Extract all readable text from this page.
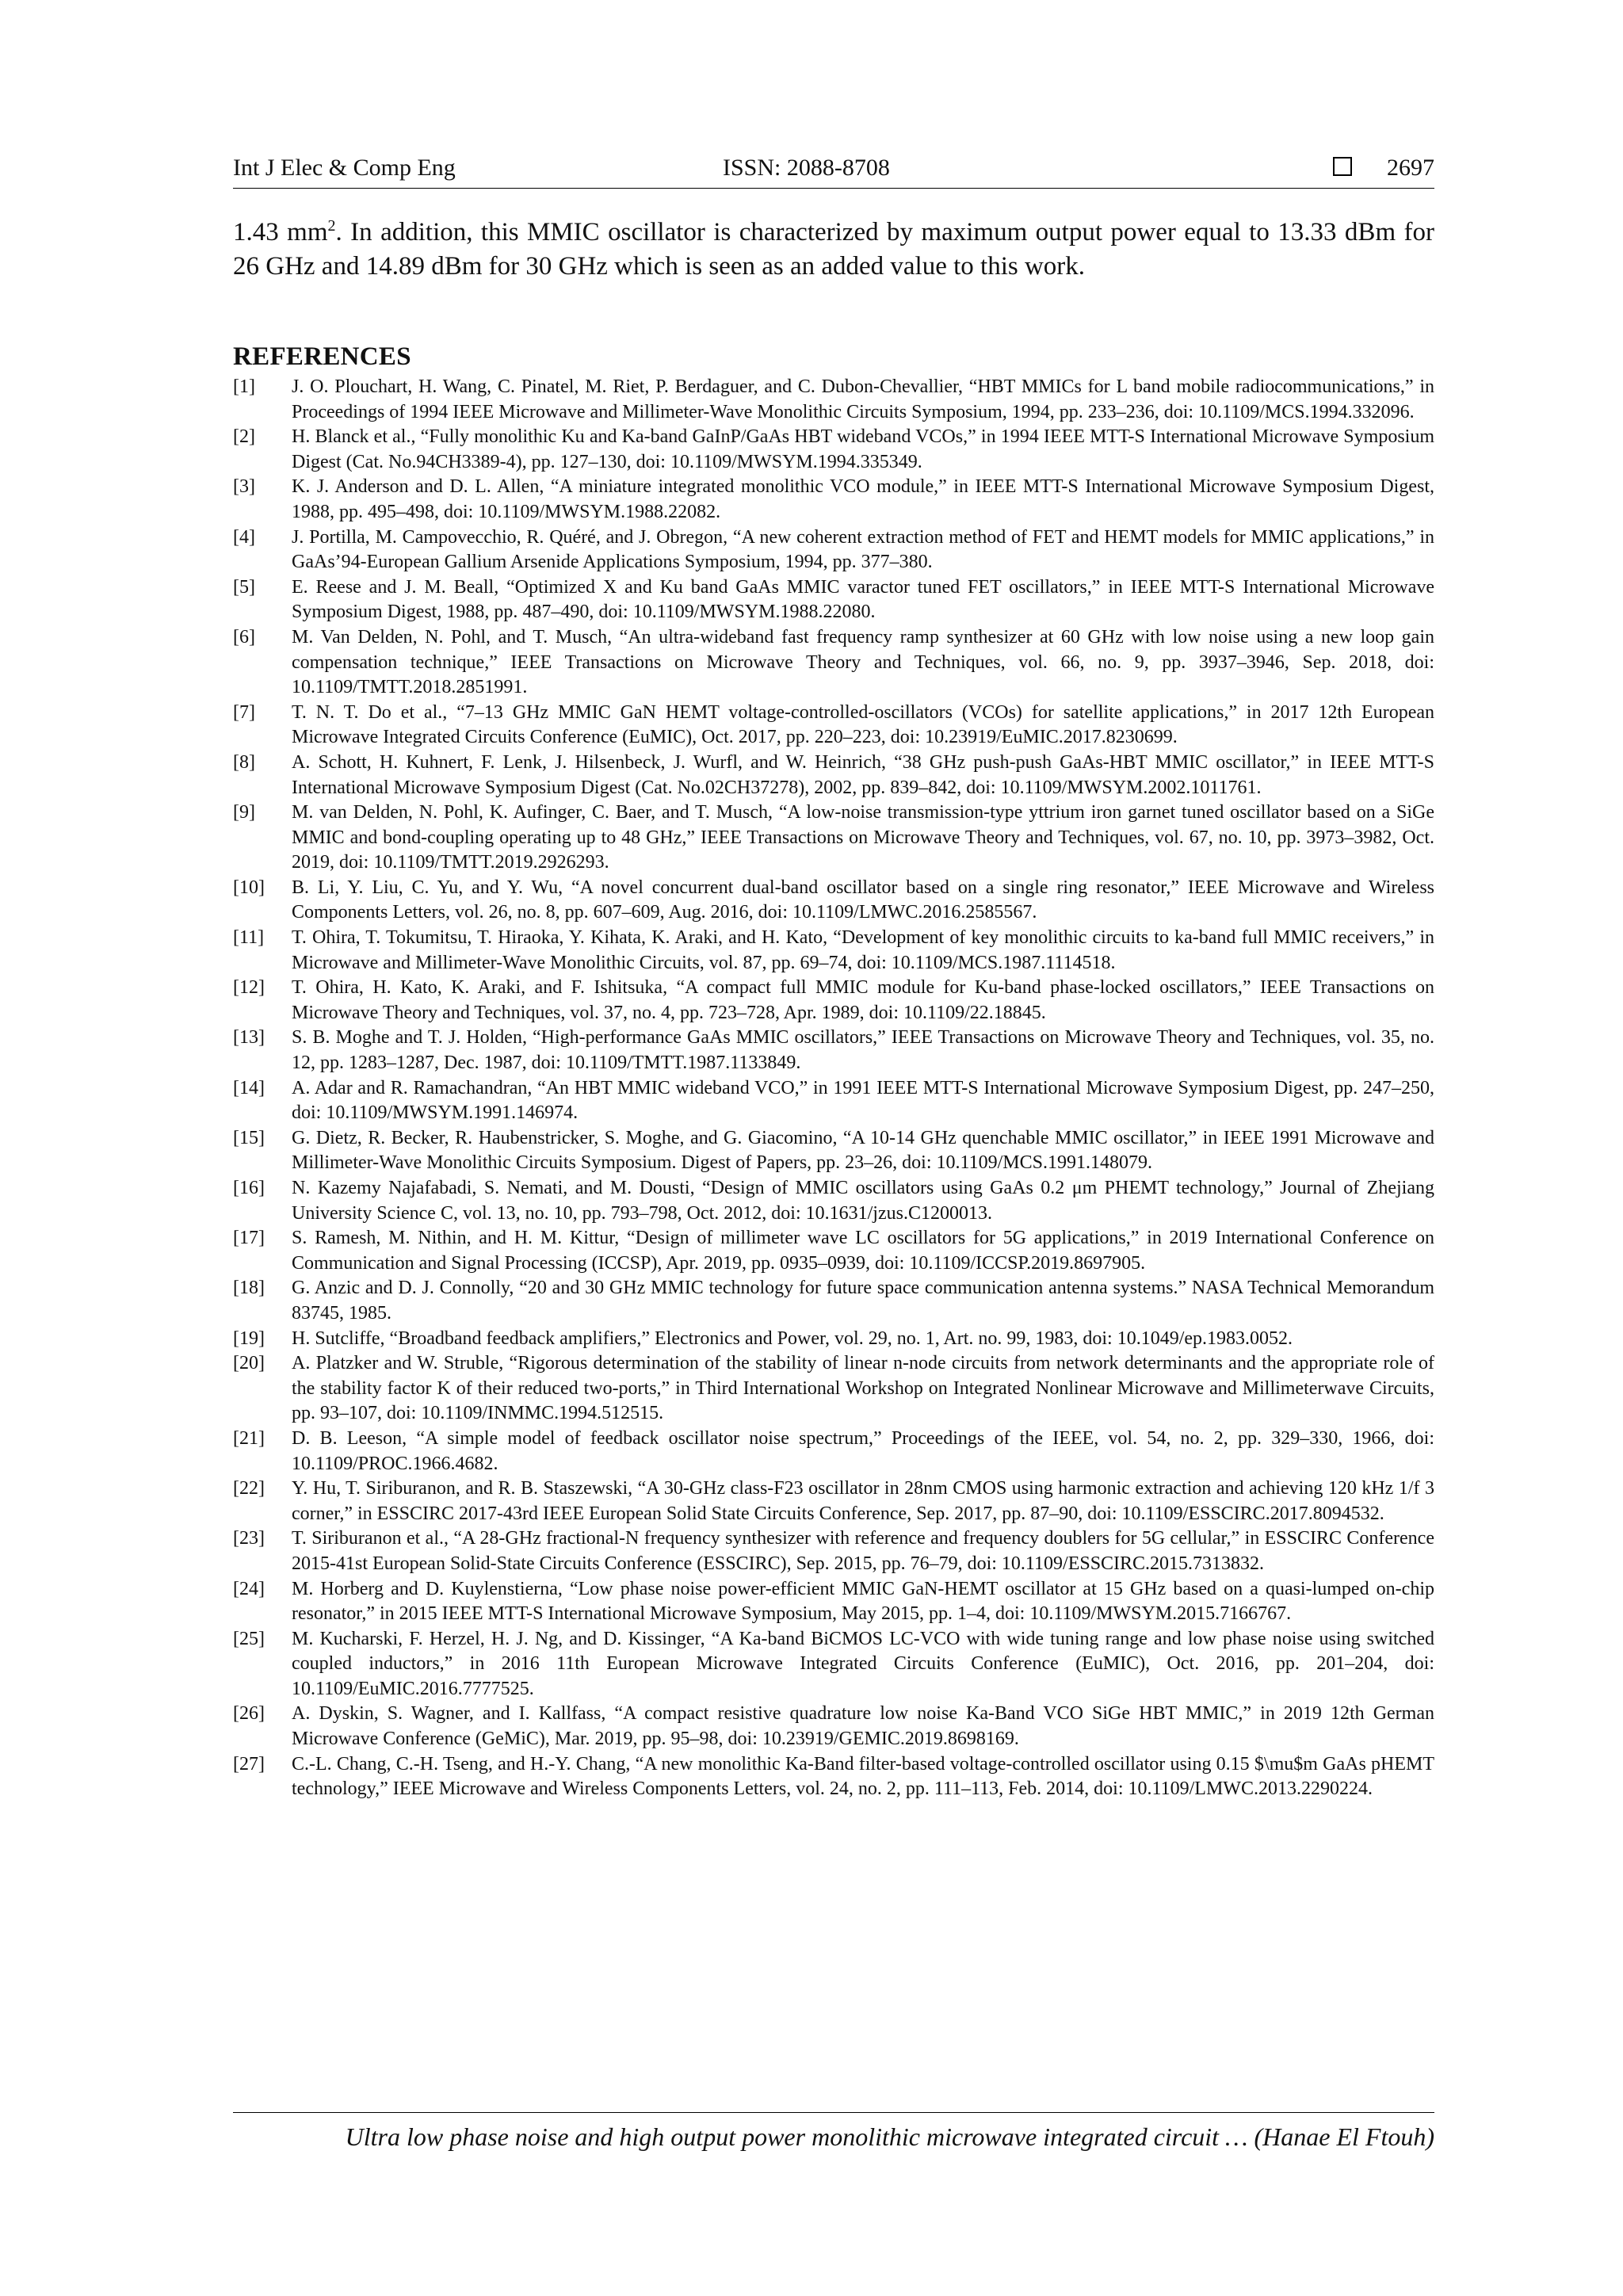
Int J Elec & Comp Eng	ISSN: 2088-8708	2697
1.43 $mm^2$. In addition, this MMIC oscillator is characterized by maximum output power equal to 13.33 dBm for 26 GHz and 14.89 dBm for 30 GHz which is seen as an added value to this work.
REFERENCES
[1] J. O. Plouchart, H. Wang, C. Pinatel, M. Riet, P. Berdaguer, and C. Dubon-Chevallier, “HBT MMICs for L band mobile radiocommunications,” in Proceedings of 1994 IEEE Microwave and Millimeter-Wave Monolithic Circuits Symposium, 1994, pp. 233–236, doi: 10.1109/MCS.1994.332096.
[2] H. Blanck et al., “Fully monolithic Ku and Ka-band GaInP/GaAs HBT wideband VCOs,” in 1994 IEEE MTT-S International Microwave Symposium Digest (Cat. No.94CH3389-4), pp. 127–130, doi: 10.1109/MWSYM.1994.335349.
[3] K. J. Anderson and D. L. Allen, “A miniature integrated monolithic VCO module,” in IEEE MTT-S International Microwave Symposium Digest, 1988, pp. 495–498, doi: 10.1109/MWSYM.1988.22082.
[4] J. Portilla, M. Campovecchio, R. Quéré, and J. Obregon, “A new coherent extraction method of FET and HEMT models for MMIC applications,” in GaAs’94-European Gallium Arsenide Applications Symposium, 1994, pp. 377–380.
[5] E. Reese and J. M. Beall, “Optimized X and Ku band GaAs MMIC varactor tuned FET oscillators,” in IEEE MTT-S International Microwave Symposium Digest, 1988, pp. 487–490, doi: 10.1109/MWSYM.1988.22080.
[6] M. Van Delden, N. Pohl, and T. Musch, “An ultra-wideband fast frequency ramp synthesizer at 60 GHz with low noise using a new loop gain compensation technique,” IEEE Transactions on Microwave Theory and Techniques, vol. 66, no. 9, pp. 3937–3946, Sep. 2018, doi: 10.1109/TMTT.2018.2851991.
[7] T. N. T. Do et al., “7–13 GHz MMIC GaN HEMT voltage-controlled-oscillators (VCOs) for satellite applications,” in 2017 12th European Microwave Integrated Circuits Conference (EuMIC), Oct. 2017, pp. 220–223, doi: 10.23919/EuMIC.2017.8230699.
[8] A. Schott, H. Kuhnert, F. Lenk, J. Hilsenbeck, J. Wurfl, and W. Heinrich, “38 GHz push-push GaAs-HBT MMIC oscillator,” in IEEE MTT-S International Microwave Symposium Digest (Cat. No.02CH37278), 2002, pp. 839–842, doi: 10.1109/MWSYM.2002.1011761.
[9] M. van Delden, N. Pohl, K. Aufinger, C. Baer, and T. Musch, “A low-noise transmission-type yttrium iron garnet tuned oscillator based on a SiGe MMIC and bond-coupling operating up to 48 GHz,” IEEE Transactions on Microwave Theory and Techniques, vol. 67, no. 10, pp. 3973–3982, Oct. 2019, doi: 10.1109/TMTT.2019.2926293.
[10] B. Li, Y. Liu, C. Yu, and Y. Wu, “A novel concurrent dual-band oscillator based on a single ring resonator,” IEEE Microwave and Wireless Components Letters, vol. 26, no. 8, pp. 607–609, Aug. 2016, doi: 10.1109/LMWC.2016.2585567.
[11] T. Ohira, T. Tokumitsu, T. Hiraoka, Y. Kihata, K. Araki, and H. Kato, “Development of key monolithic circuits to ka-band full MMIC receivers,” in Microwave and Millimeter-Wave Monolithic Circuits, vol. 87, pp. 69–74, doi: 10.1109/MCS.1987.1114518.
[12] T. Ohira, H. Kato, K. Araki, and F. Ishitsuka, “A compact full MMIC module for Ku-band phase-locked oscillators,” IEEE Transactions on Microwave Theory and Techniques, vol. 37, no. 4, pp. 723–728, Apr. 1989, doi: 10.1109/22.18845.
[13] S. B. Moghe and T. J. Holden, “High-performance GaAs MMIC oscillators,” IEEE Transactions on Microwave Theory and Techniques, vol. 35, no. 12, pp. 1283–1287, Dec. 1987, doi: 10.1109/TMTT.1987.1133849.
[14] A. Adar and R. Ramachandran, “An HBT MMIC wideband VCO,” in 1991 IEEE MTT-S International Microwave Symposium Digest, pp. 247–250, doi: 10.1109/MWSYM.1991.146974.
[15] G. Dietz, R. Becker, R. Haubenstricker, S. Moghe, and G. Giacomino, “A 10-14 GHz quenchable MMIC oscillator,” in IEEE 1991 Microwave and Millimeter-Wave Monolithic Circuits Symposium. Digest of Papers, pp. 23–26, doi: 10.1109/MCS.1991.148079.
[16] N. Kazemy Najafabadi, S. Nemati, and M. Dousti, “Design of MMIC oscillators using GaAs 0.2 μm PHEMT technology,” Journal of Zhejiang University Science C, vol. 13, no. 10, pp. 793–798, Oct. 2012, doi: 10.1631/jzus.C1200013.
[17] S. Ramesh, M. Nithin, and H. M. Kittur, “Design of millimeter wave LC oscillators for 5G applications,” in 2019 International Conference on Communication and Signal Processing (ICCSP), Apr. 2019, pp. 0935–0939, doi: 10.1109/ICCSP.2019.8697905.
[18] G. Anzic and D. J. Connolly, “20 and 30 GHz MMIC technology for future space communication antenna systems.” NASA Technical Memorandum 83745, 1985.
[19] H. Sutcliffe, “Broadband feedback amplifiers,” Electronics and Power, vol. 29, no. 1, Art. no. 99, 1983, doi: 10.1049/ep.1983.0052.
[20] A. Platzker and W. Struble, “Rigorous determination of the stability of linear n-node circuits from network determinants and the appropriate role of the stability factor K of their reduced two-ports,” in Third International Workshop on Integrated Nonlinear Microwave and Millimeterwave Circuits, pp. 93–107, doi: 10.1109/INMMC.1994.512515.
[21] D. B. Leeson, “A simple model of feedback oscillator noise spectrum,” Proceedings of the IEEE, vol. 54, no. 2, pp. 329–330, 1966, doi: 10.1109/PROC.1966.4682.
[22] Y. Hu, T. Siriburanon, and R. B. Staszewski, “A 30-GHz class-F23 oscillator in 28nm CMOS using harmonic extraction and achieving 120 kHz 1/f 3 corner,” in ESSCIRC 2017-43rd IEEE European Solid State Circuits Conference, Sep. 2017, pp. 87–90, doi: 10.1109/ESSCIRC.2017.8094532.
[23] T. Siriburanon et al., “A 28-GHz fractional-N frequency synthesizer with reference and frequency doublers for 5G cellular,” in ESSCIRC Conference 2015-41st European Solid-State Circuits Conference (ESSCIRC), Sep. 2015, pp. 76–79, doi: 10.1109/ESSCIRC.2015.7313832.
[24] M. Horberg and D. Kuylenstierna, “Low phase noise power-efficient MMIC GaN-HEMT oscillator at 15 GHz based on a quasi-lumped on-chip resonator,” in 2015 IEEE MTT-S International Microwave Symposium, May 2015, pp. 1–4, doi: 10.1109/MWSYM.2015.7166767.
[25] M. Kucharski, F. Herzel, H. J. Ng, and D. Kissinger, “A Ka-band BiCMOS LC-VCO with wide tuning range and low phase noise using switched coupled inductors,” in 2016 11th European Microwave Integrated Circuits Conference (EuMIC), Oct. 2016, pp. 201–204, doi: 10.1109/EuMIC.2016.7777525.
[26] A. Dyskin, S. Wagner, and I. Kallfass, “A compact resistive quadrature low noise Ka-Band VCO SiGe HBT MMIC,” in 2019 12th German Microwave Conference (GeMiC), Mar. 2019, pp. 95–98, doi: 10.23919/GEMIC.2019.8698169.
[27] C.-L. Chang, C.-H. Tseng, and H.-Y. Chang, “A new monolithic Ka-Band filter-based voltage-controlled oscillator using 0.15 $\mu$m GaAs pHEMT technology,” IEEE Microwave and Wireless Components Letters, vol. 24, no. 2, pp. 111–113, Feb. 2014, doi: 10.1109/LMWC.2013.2290224.
Ultra low phase noise and high output power monolithic microwave integrated circuit … (Hanae El Ftouh)
